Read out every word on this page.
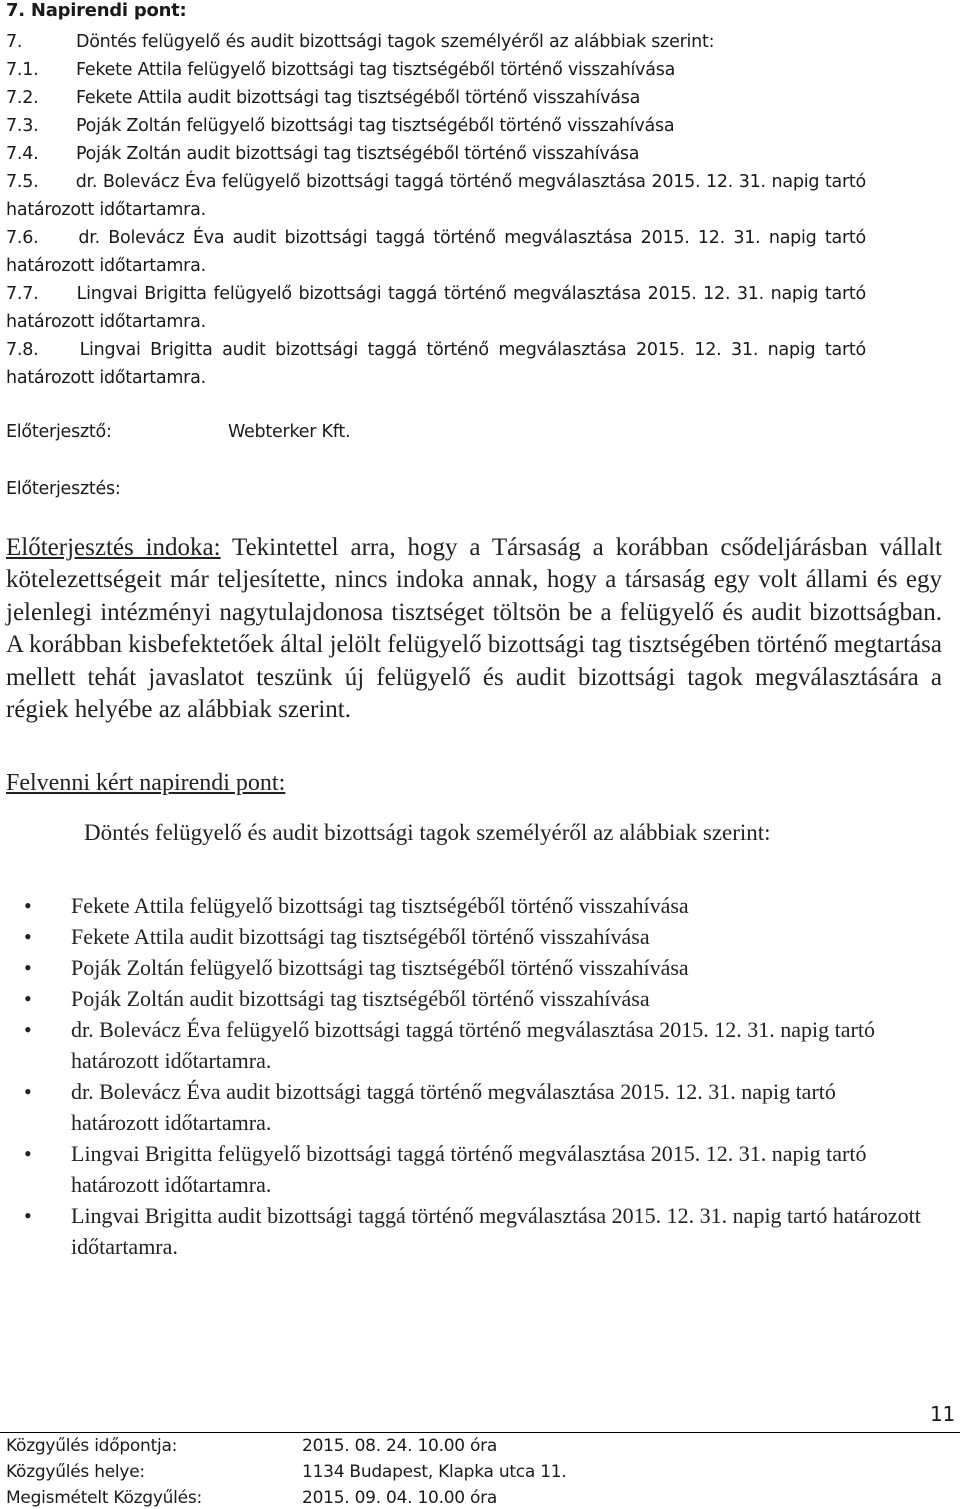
7. Napirendi pont:
7.	Döntés felügyelő és audit bizottsági tagok személyéről az alábbiak szerint:
7.1.	Fekete Attila felügyelő bizottsági tag tisztségéből történő visszahívása
7.2.	Fekete Attila audit bizottsági tag tisztségéből történő visszahívása
7.3.	Poják Zoltán felügyelő bizottsági tag tisztségéből történő visszahívása
7.4.	Poják Zoltán audit bizottsági tag tisztségéből történő visszahívása
7.5. dr. Bolevácz Éva felügyelő bizottsági taggá történő megválasztása 2015. 12. 31. napig tartó határozott időtartamra.
7.6. dr. Bolevácz Éva audit bizottsági taggá történő megválasztása 2015. 12. 31. napig tartó határozott időtartamra.
7.7. Lingvai Brigitta felügyelő bizottsági taggá történő megválasztása 2015. 12. 31. napig tartó határozott időtartamra.
7.8. Lingvai Brigitta audit bizottsági taggá történő megválasztása 2015. 12. 31. napig tartó határozott időtartamra.
Előterjesztő:	Webterker Kft.
Előterjesztés:

Előterjesztés indoka: Tekintettel arra, hogy a Társaság a korábban csődeljárásban vállalt kötelezettségeit már teljesítette, nincs indoka annak, hogy a társaság egy volt állami és egy jelenlegi intézményi nagytulajdonosa tisztséget töltsön be a felügyelő és audit bizottságban. A korábban kisbefektetőek által jelölt felügyelő bizottsági tag tisztségében történő megtartása mellett tehát javaslatot teszünk új felügyelő és audit bizottsági tagok megválasztására a régiek helyébe az alábbiak szerint.

Felvenni kért napirendi pont:
Döntés felügyelő és audit bizottsági tagok személyéről az alábbiak szerint:
• Fekete Attila felügyelő bizottsági tag tisztségéből történő visszahívása
• Fekete Attila audit bizottsági tag tisztségéből történő visszahívása
• Poják Zoltán felügyelő bizottsági tag tisztségéből történő visszahívása
• Poják Zoltán audit bizottsági tag tisztségéből történő visszahívása
• dr. Bolevácz Éva felügyelő bizottsági taggá történő megválasztása 2015. 12. 31. napig tartó határozott időtartamra.
• dr. Bolevácz Éva audit bizottsági taggá történő megválasztása 2015. 12. 31. napig tartó határozott időtartamra.
• Lingvai Brigitta felügyelő bizottsági taggá történő megválasztása 2015. 12. 31. napig tartó határozott időtartamra.
• Lingvai Brigitta audit bizottsági taggá történő megválasztása 2015. 12. 31. napig tartó határozott időtartamra.
11
Közgyűlés időpontja:	2015. 08. 24. 10.00 óra
Közgyűlés helye:	1134 Budapest, Klapka utca 11.
Megismételt Közgyűlés:	2015. 09. 04. 10.00 óra
